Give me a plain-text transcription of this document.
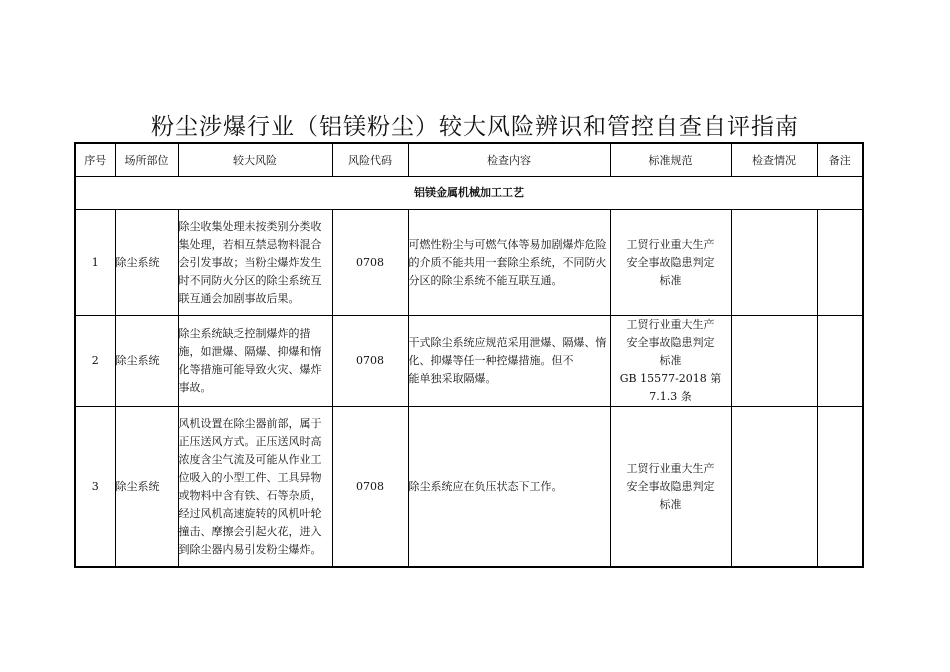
粉尘涉爆行业（铝镁粉尘）较大风险辨识和管控自查自评指南
序号	场所部位	较大风险	风险代码	检查内容	标准规范	检查情况	备注
铝镁金属机械加工工艺							
1	除尘系统	除尘收集处理未按类别分类收集处理，若相互禁忌物料混合会引发事故；当粉尘爆炸发生时不同防火分区的除尘系统互联互通会加剧事故后果。	0708	可燃性粉尘与可燃气体等易加剧爆炸危险的介质不能共用一套除尘系统，不同防火分区的除尘系统不能互联互通。	工贸行业重大生产
安全事故隐患判定
标准		
2	除尘系统	除尘系统缺乏控制爆炸的措施，如泄爆、隔爆、抑爆和惰化等措施可能导致火灾、爆炸事故。	0708	干式除尘系统应规范采用泄爆、隔爆、惰化、抑爆等任一种控爆措施。但不
能单独采取隔爆。	工贸行业重大生产
安全事故隐患判定
标准
GB 15577-2018 第
7.1.3 条		
3	除尘系统	风机设置在除尘器前部，属于正压送风方式。正压送风时高浓度含尘气流及可能从作业工位吸入的小型工件、工具异物或物料中含有铁、石等杂质，经过风机高速旋转的风机叶轮撞击、摩擦会引起火花，进入到除尘器内易引发粉尘爆炸。	0708	除尘系统应在负压状态下工作。	工贸行业重大生产
安全事故隐患判定
标准		
